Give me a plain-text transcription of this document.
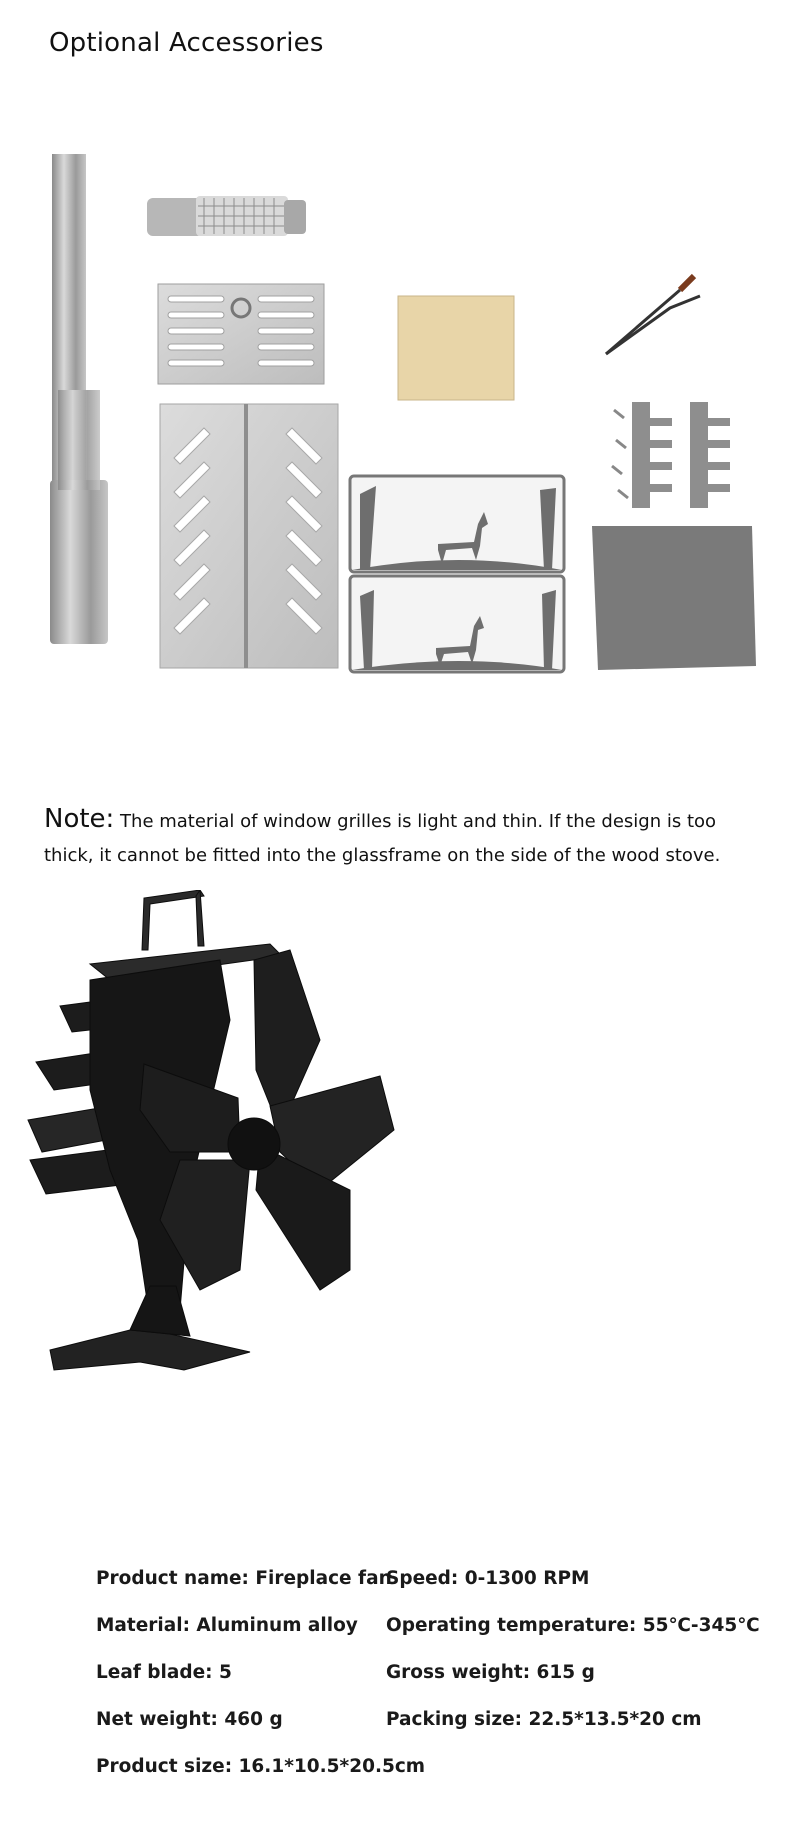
Optional Accessories
Note: The material of window grilles is light and thin. If the design is too thick, it cannot be fitted into the glassframe on the side of the wood stove.
Product name: Fireplace fan
Speed: 0-1300 RPM
Material: Aluminum alloy Operating temperature: 55℃-345℃
Leaf blade: 5	Gross weight: 615 g
Net weight: 460 g	Packing size: 22.5*13.5*20 cm
Product size: 16.1*10.5*20.5cm
